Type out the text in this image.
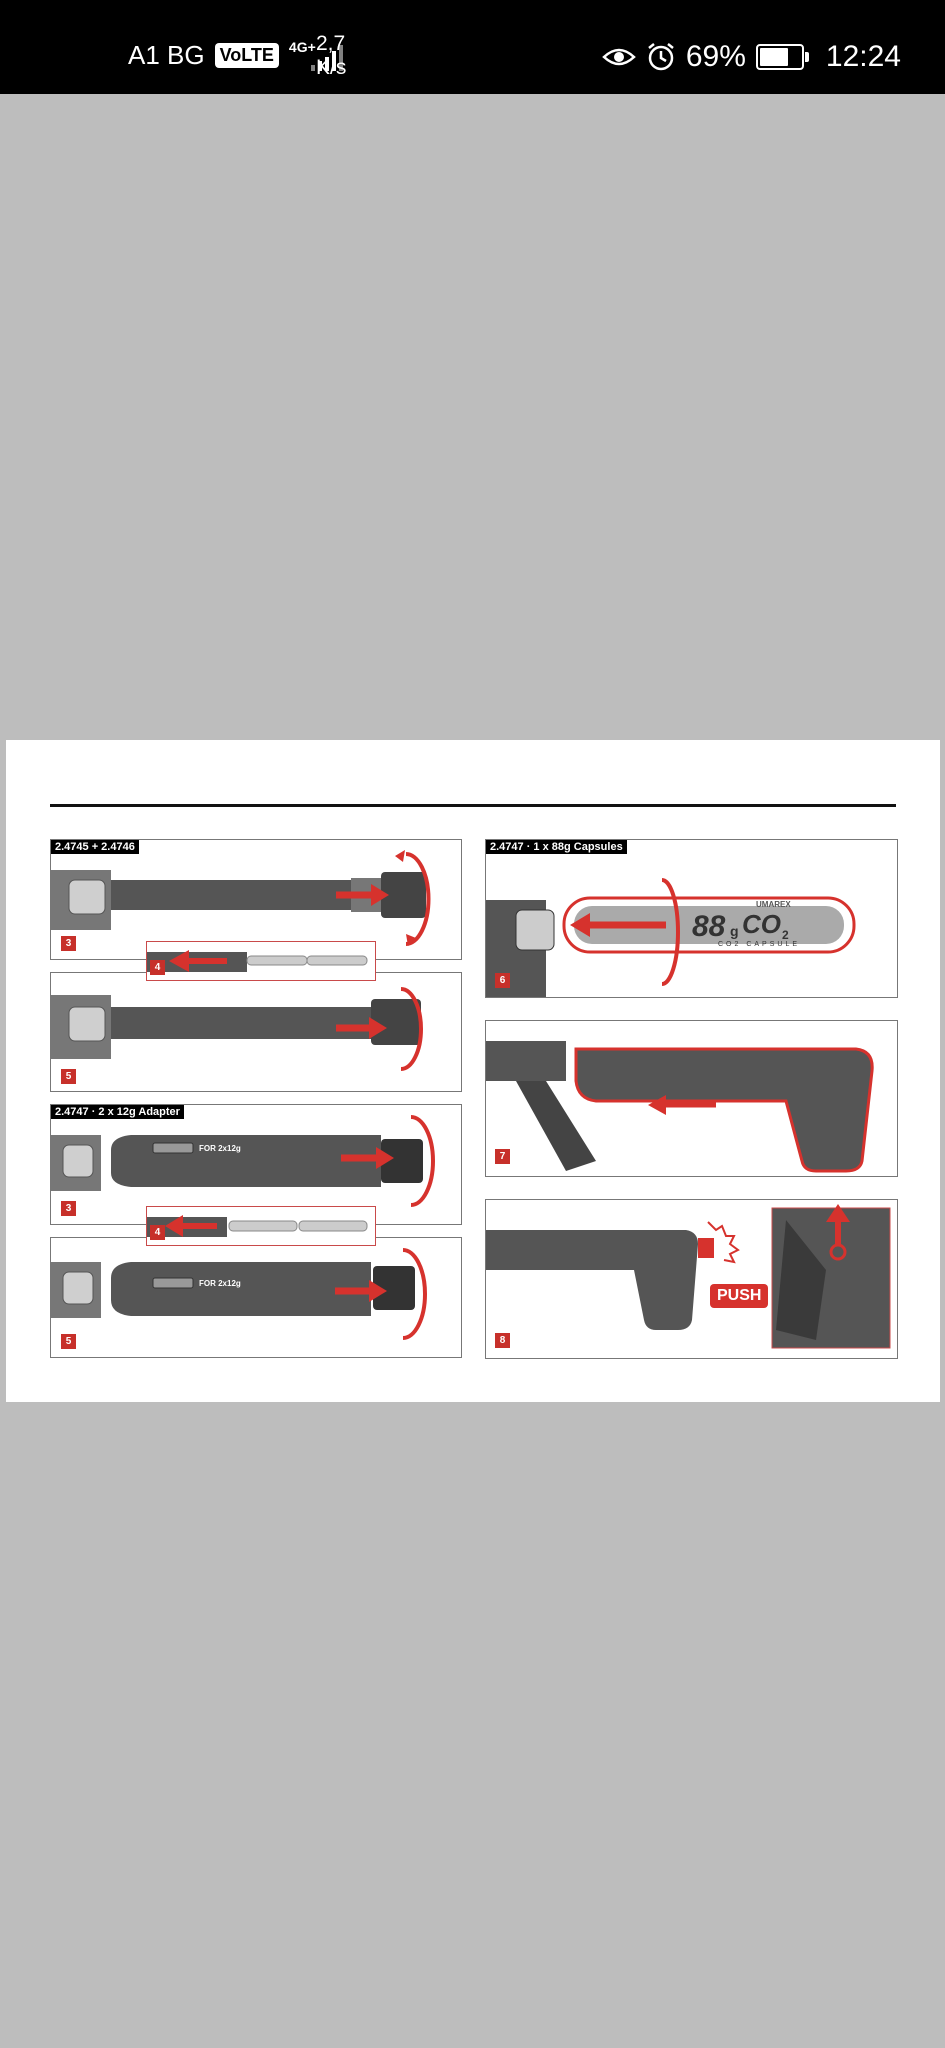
A1 BG VoLTE	4G+ 2,7
K/s	69%	12:24
2.4745 + 2.4746
3
4
5
FOR 2x12g
2.4747 · 2 x 12g Adapter
3
4
FOR 2x12g
5
UMAREX
88 g CO 2
CO2 CAPSULE
2.4747 · 1 x 88g Capsules
6
7
PUSH
8
